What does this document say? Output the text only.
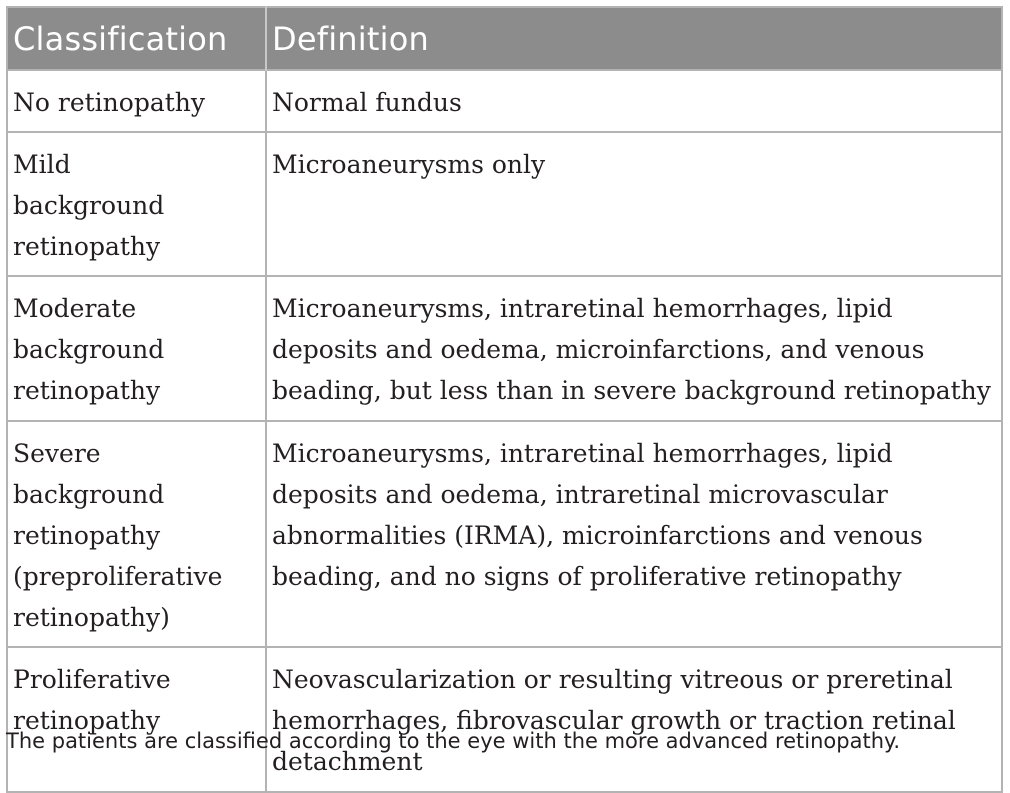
Classification	Definition

No retinopathy	Normal fundus

Mild background retinopathy	Microaneurysms only

Moderate background retinopathy	Microaneurysms, intraretinal hemorrhages, lipid deposits and oedema, microinfarctions, and venous beading, but less than in severe background retinopathy

Severe background retinopathy (preproliferative retinopathy)	Microaneurysms, intraretinal hemorrhages, lipid deposits and oedema, intraretinal microvascular abnormalities (IRMA), microinfarctions and venous beading, and no signs of proliferative retinopathy

Proliferative retinopathy	Neovascularization or resulting vitreous or preretinal hemorrhages, fibrovascular growth or traction retinal detachment
The patients are classified according to the eye with the more advanced retinopathy.
